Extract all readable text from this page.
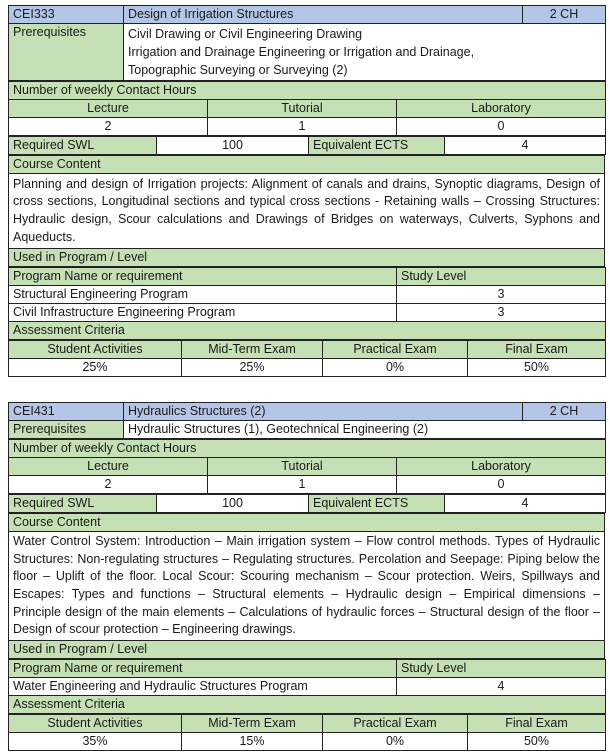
CEI333	Design of Irrigation Structures	2 CH
Prerequisites	Civil Drawing or Civil Engineering Drawing
Irrigation and Drainage Engineering or Irrigation and Drainage,
Topographic Surveying or Surveying (2)	
Number of weekly Contact Hours		
Lecture	Tutorial	Laboratory
2	1	0
Required SWL	100	Equivalent ECTS	4
Course Content
Planning and design of Irrigation projects: Alignment of canals and drains, Synoptic diagrams, Design of cross sections, Longitudinal sections and typical cross sections - Retaining walls – Crossing Structures: Hydraulic design, Scour calculations and Drawings of Bridges on waterways, Culverts, Syphons and Aqueducts.
Used in Program / Level
Program Name or requirement	Study Level
Structural Engineering Program	3
Civil Infrastructure Engineering Program	3
Assessment Criteria	
Student Activities	Mid-Term Exam	Practical Exam	Final Exam
25%	25%	0%	50%
CEI431	Hydraulics Structures (2)	2 CH
Prerequisites	Hydraulic Structures (1), Geotechnical Engineering (2)	
Number of weekly Contact Hours		
Lecture	Tutorial	Laboratory
2	1	0
Required SWL	100	Equivalent ECTS	4
Course Content
Water Control System: Introduction – Main irrigation system – Flow control methods. Types of Hydraulic Structures: Non-regulating structures – Regulating structures. Percolation and Seepage: Piping below the floor – Uplift of the floor. Local Scour: Scouring mechanism – Scour protection. Weirs, Spillways and Escapes: Types and functions – Structural elements – Hydraulic design – Empirical dimensions – Principle design of the main elements – Calculations of hydraulic forces – Structural design of the floor – Design of scour protection – Engineering drawings.
Used in Program / Level
Program Name or requirement	Study Level
Water Engineering and Hydraulic Structures Program	4
Assessment Criteria	
Student Activities	Mid-Term Exam	Practical Exam	Final Exam
35%	15%	0%	50%
